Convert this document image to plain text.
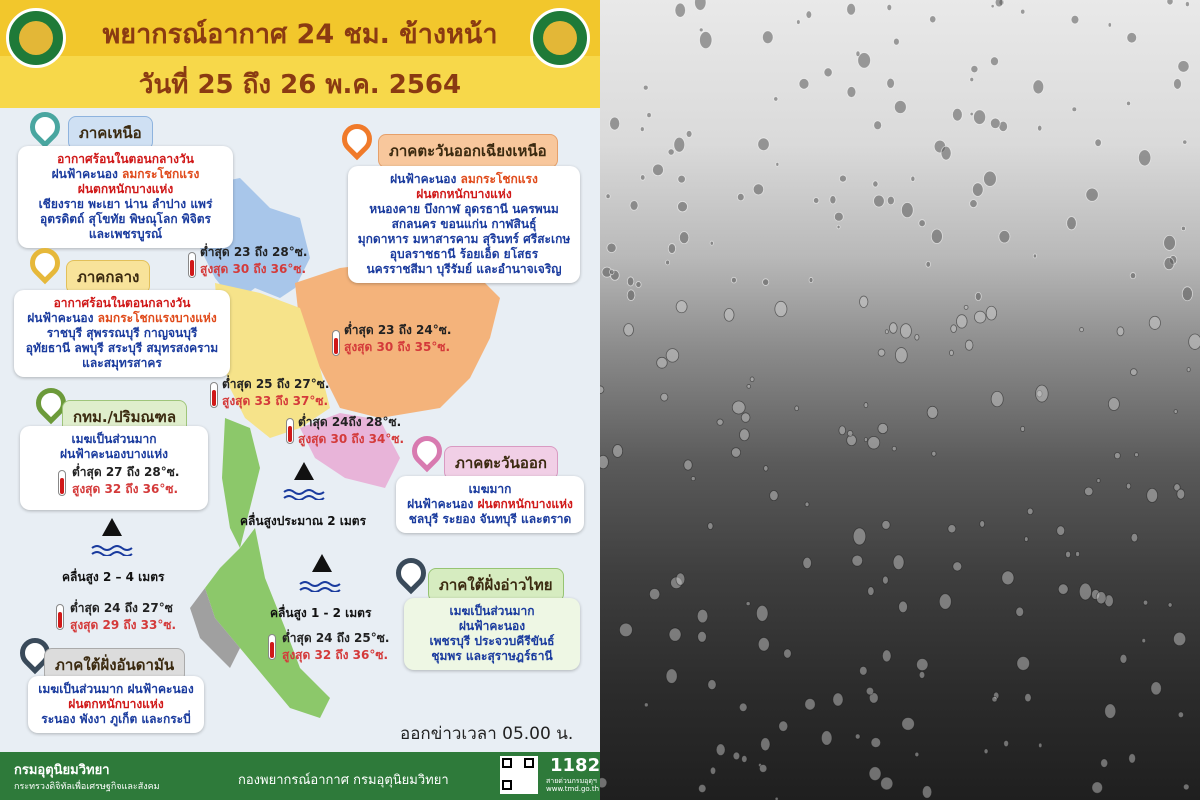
พยากรณ์อากาศ 24 ชม. ข้างหน้า
วันที่ 25 ถึง 26 พ.ค. 2564
ภาคเหนือ
อากาศร้อนในตอนกลางวัน
ฝนฟ้าคะนอง ลมกระโชกแรง
ฝนตกหนักบางแห่ง
เชียงราย พะเยา น่าน ลำปาง แพร่
อุตรดิตถ์ สุโขทัย พิษณุโลก พิจิตร
และเพชรบูรณ์
ต่ำสุด 23 ถึง 28°ซ.
สูงสุด 30 ถึง 36°ซ.
ภาคตะวันออกเฉียงเหนือ
ฝนฟ้าคะนอง ลมกระโชกแรง
ฝนตกหนักบางแห่ง
หนองคาย บึงกาฬ อุดรธานี นครพนม
สกลนคร ขอนแก่น กาฬสินธุ์
มุกดาหาร มหาสารคาม สุรินทร์ ศรีสะเกษ
อุบลราชธานี ร้อยเอ็ด ยโสธร
นครราชสีมา บุรีรัมย์ และอำนาจเจริญ
ต่ำสุด 23 ถึง 24°ซ.
สูงสุด 30 ถึง 35°ซ.
ภาคกลาง
อากาศร้อนในตอนกลางวัน
ฝนฟ้าคะนอง ลมกระโชกแรงบางแห่ง
ราชบุรี สุพรรณบุรี กาญจนบุรี
อุทัยธานี ลพบุรี สระบุรี สมุทรสงคราม
และสมุทรสาคร
ต่ำสุด 25 ถึง 27°ซ.
สูงสุด 33 ถึง 37°ซ.
กทม./ปริมณฑล
เมฆเป็นส่วนมาก
ฝนฟ้าคะนองบางแห่ง
ต่ำสุด 27 ถึง 28°ซ.
สูงสุด 32 ถึง 36°ซ.
ต่ำสุด 24ถึง 28°ซ.
สูงสุด 30 ถึง 34°ซ.
ภาคตะวันออก
เมฆมาก
ฝนฟ้าคะนอง ฝนตกหนักบางแห่ง
ชลบุรี ระยอง จันทบุรี และตราด
คลื่นสูงประมาณ 2 เมตร
คลื่นสูง 2 – 4 เมตร
คลื่นสูง 1 - 2 เมตร
ภาคใต้ฝั่งอ่าวไทย
เมฆเป็นส่วนมาก
ฝนฟ้าคะนอง
เพชรบุรี ประจวบคีรีขันธ์
ชุมพร และสุราษฎร์ธานี
ต่ำสุด 24 ถึง 25°ซ.
สูงสุด 32 ถึง 36°ซ.
ต่ำสุด 24 ถึง 27°ซ
สูงสุด 29 ถึง 33°ซ.
ภาคใต้ฝั่งอันดามัน
เมฆเป็นส่วนมาก ฝนฟ้าคะนอง
ฝนตกหนักบางแห่ง
ระนอง พังงา ภูเก็ต และกระบี่
ออกข่าวเวลา 05.00 น.
กรมอุตุนิยมวิทยา
กระทรวงดิจิทัลเพื่อเศรษฐกิจและสังคม	กองพยากรณ์อากาศ กรมอุตุนิยมวิทยา
1182
สายด่วนกรมอุตุฯ
www.tmd.go.th
